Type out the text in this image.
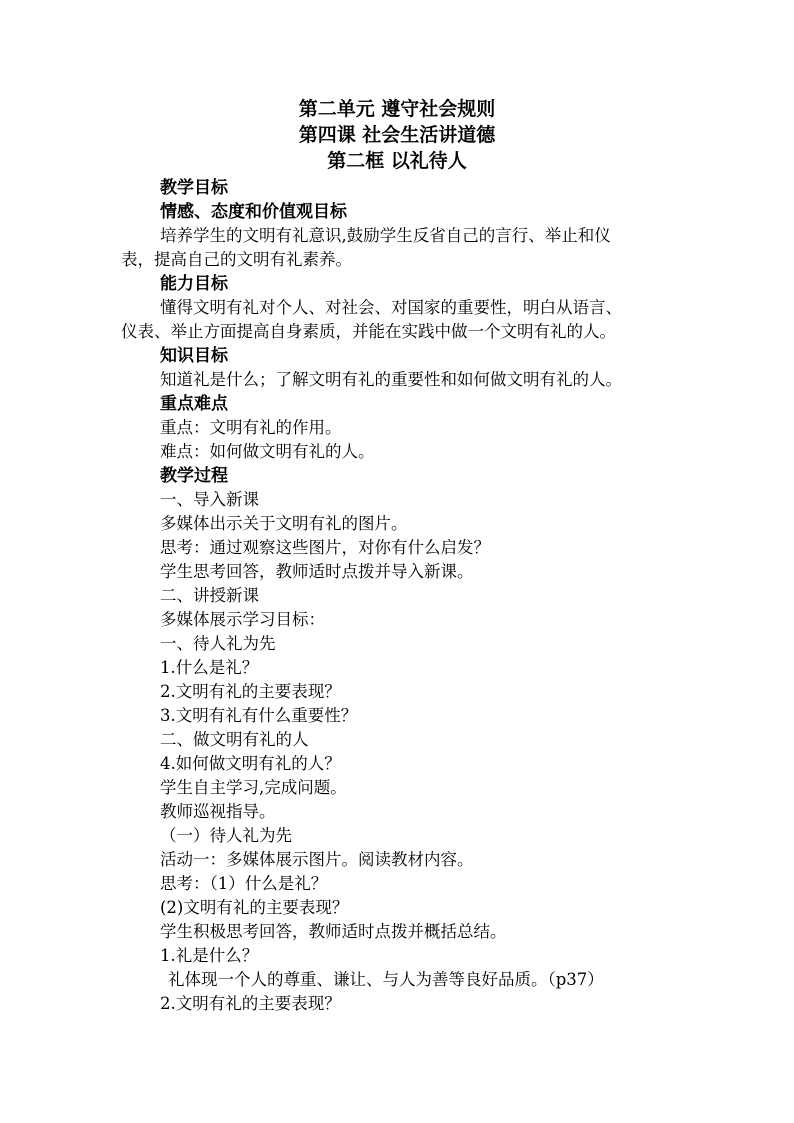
第二单元 遵守社会规则
第四课 社会生活讲道德
第二框 以礼待人
教学目标
情感、态度和价值观目标
培养学生的文明有礼意识,鼓励学生反省自己的言行、举止和仪
表，提高自己的文明有礼素养。
能力目标
懂得文明有礼对个人、对社会、对国家的重要性，明白从语言、
仪表、举止方面提高自身素质，并能在实践中做一个文明有礼的人。
知识目标
知道礼是什么；了解文明有礼的重要性和如何做文明有礼的人。
重点难点
重点：文明有礼的作用。
难点：如何做文明有礼的人。
教学过程
一、导入新课
多媒体出示关于文明有礼的图片。
思考：通过观察这些图片，对你有什么启发？
学生思考回答，教师适时点拨并导入新课。
二、讲授新课
多媒体展示学习目标：
一、待人礼为先
1.什么是礼？
2.文明有礼的主要表现？
3.文明有礼有什么重要性？
二、做文明有礼的人
4.如何做文明有礼的人？
学生自主学习,完成问题。
教师巡视指导。
（一）待人礼为先
活动一：多媒体展示图片。阅读教材内容。
思考：（1）什么是礼？
(2)文明有礼的主要表现？
学生积极思考回答，教师适时点拨并概括总结。
1.礼是什么？
礼体现一个人的尊重、谦让、与人为善等良好品质。（p37）
2.文明有礼的主要表现？
